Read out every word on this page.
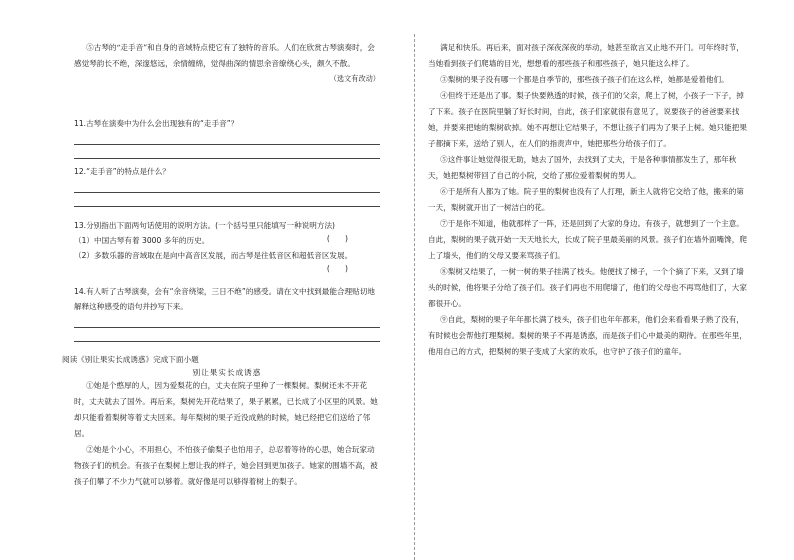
⑤古琴的“走手音”和自身的音域特点使它有了独特的音乐。人们在欣赏古琴演奏时，会感觉琴韵长不绝，深邃悠远，余情缠绵，觉得曲深的情思余音缭绕心头，颇久不散。

（选文有改动）

11.古琴在演奏中为什么会出现独有的“走手音”？

12.“走手音”的特点是什么？

13.分别指出下面两句话使用的说明方法。(一个括号里只能填写一种说明方法)

（1）中国古琴有着 3000 多年的历史。	(　　)

（2）多数乐器的音域取在是向中高音区发展，而古琴是往低音区和超低音区发展。

(　　)

14.有人听了古琴演奏，会有“余音绕梁，三日不绝”的感受。请在文中找到最能合理贴切地解释这种感受的语句并抄写下来。

阅读《别让果实长成诱惑》完成下面小题

别让果实长成诱惑

①她是个憨厚的人，因为爱梨花的白，丈夫在院子里种了一棵梨树。梨树还未不开花时，丈夫就去了国外。再后来，梨树先开花结果了，果子累累，已长成了小区里的风景。她却只能看着梨树等着丈夫回来。每年梨树的果子近没成熟的时候，她已经把它们送给了邻居。

②她是个小心，不用担心，不怕孩子偷梨子也怕用子，总忍着等待的心思，她合玩家动物孩子们的机会。有孩子在梨树上想让我的样子，她会回到更加孩子。她家的围墙不高，被孩子们攀了不少力气就可以够着。就好像是可以够得着树上的梨子。

满足和快乐。再后来，面对孩子深夜深夜的举动，她甚至欲言又止地不开门。可年终时节，当她看到孩子们爬墙的目光，想想看的那些孩子和那些孩子，她只能这么样了。

③梨树的果子没有哪一个都是自季节的，那些孩子孩子们在这么样，她都是爱着他们。

④但终于还是出了事。梨子快要熟透的时候，孩子们的父亲，爬上了树，小孩子一下子，掉了下来。孩子在医院里躺了好长时间，自此，孩子们家就很有意见了，说要孩子的爸爸要来找她，并要来把她的梨树砍掉。她不再想让它结果子，不想让孩子们再为了果子上树。她只能把果子都摘下来，送给了别人，在人们的指责声中，她把那些分给孩子们了。

⑤这件事让她觉得很无助，她去了国外，去找到了丈夫，于是各种事情都发生了，那年秋天，她把梨树带回了自己的小院，交给了那位爱着梨树的男人。

⑥于是所有人都为了她。院子里的梨树也没有了人打理，新主人就将它交给了他，搬来的第一天，梨树就开出了一树洁白的花。

⑦于是你不知道，他就那样了一阵，还是回到了大家的身边。有孩子，就想到了一个主意。自此，梨树的果子就开始一天天地长大，长成了院子里最美丽的风景。孩子们在墙外面嘴馋，爬上了墙头，他们的父母又要来骂孩子们。

⑧梨树又结果了，一树一树的果子挂满了枝头。他便找了梯子，一个个摘了下来，又到了墙头的时候，他将果子分给了孩子们。孩子们再也不用爬墙了，他们的父母也不再骂他们了，大家都很开心。

⑨自此，梨树的果子年年都长满了枝头，孩子们也年年都来，他们会来看看果子熟了没有，有时候也会帮他打理梨树。梨树的果子不再是诱惑，而是孩子们心中最美的期待。在那些年里，他用自己的方式，把梨树的果子变成了大家的欢乐，也守护了孩子们的童年。
